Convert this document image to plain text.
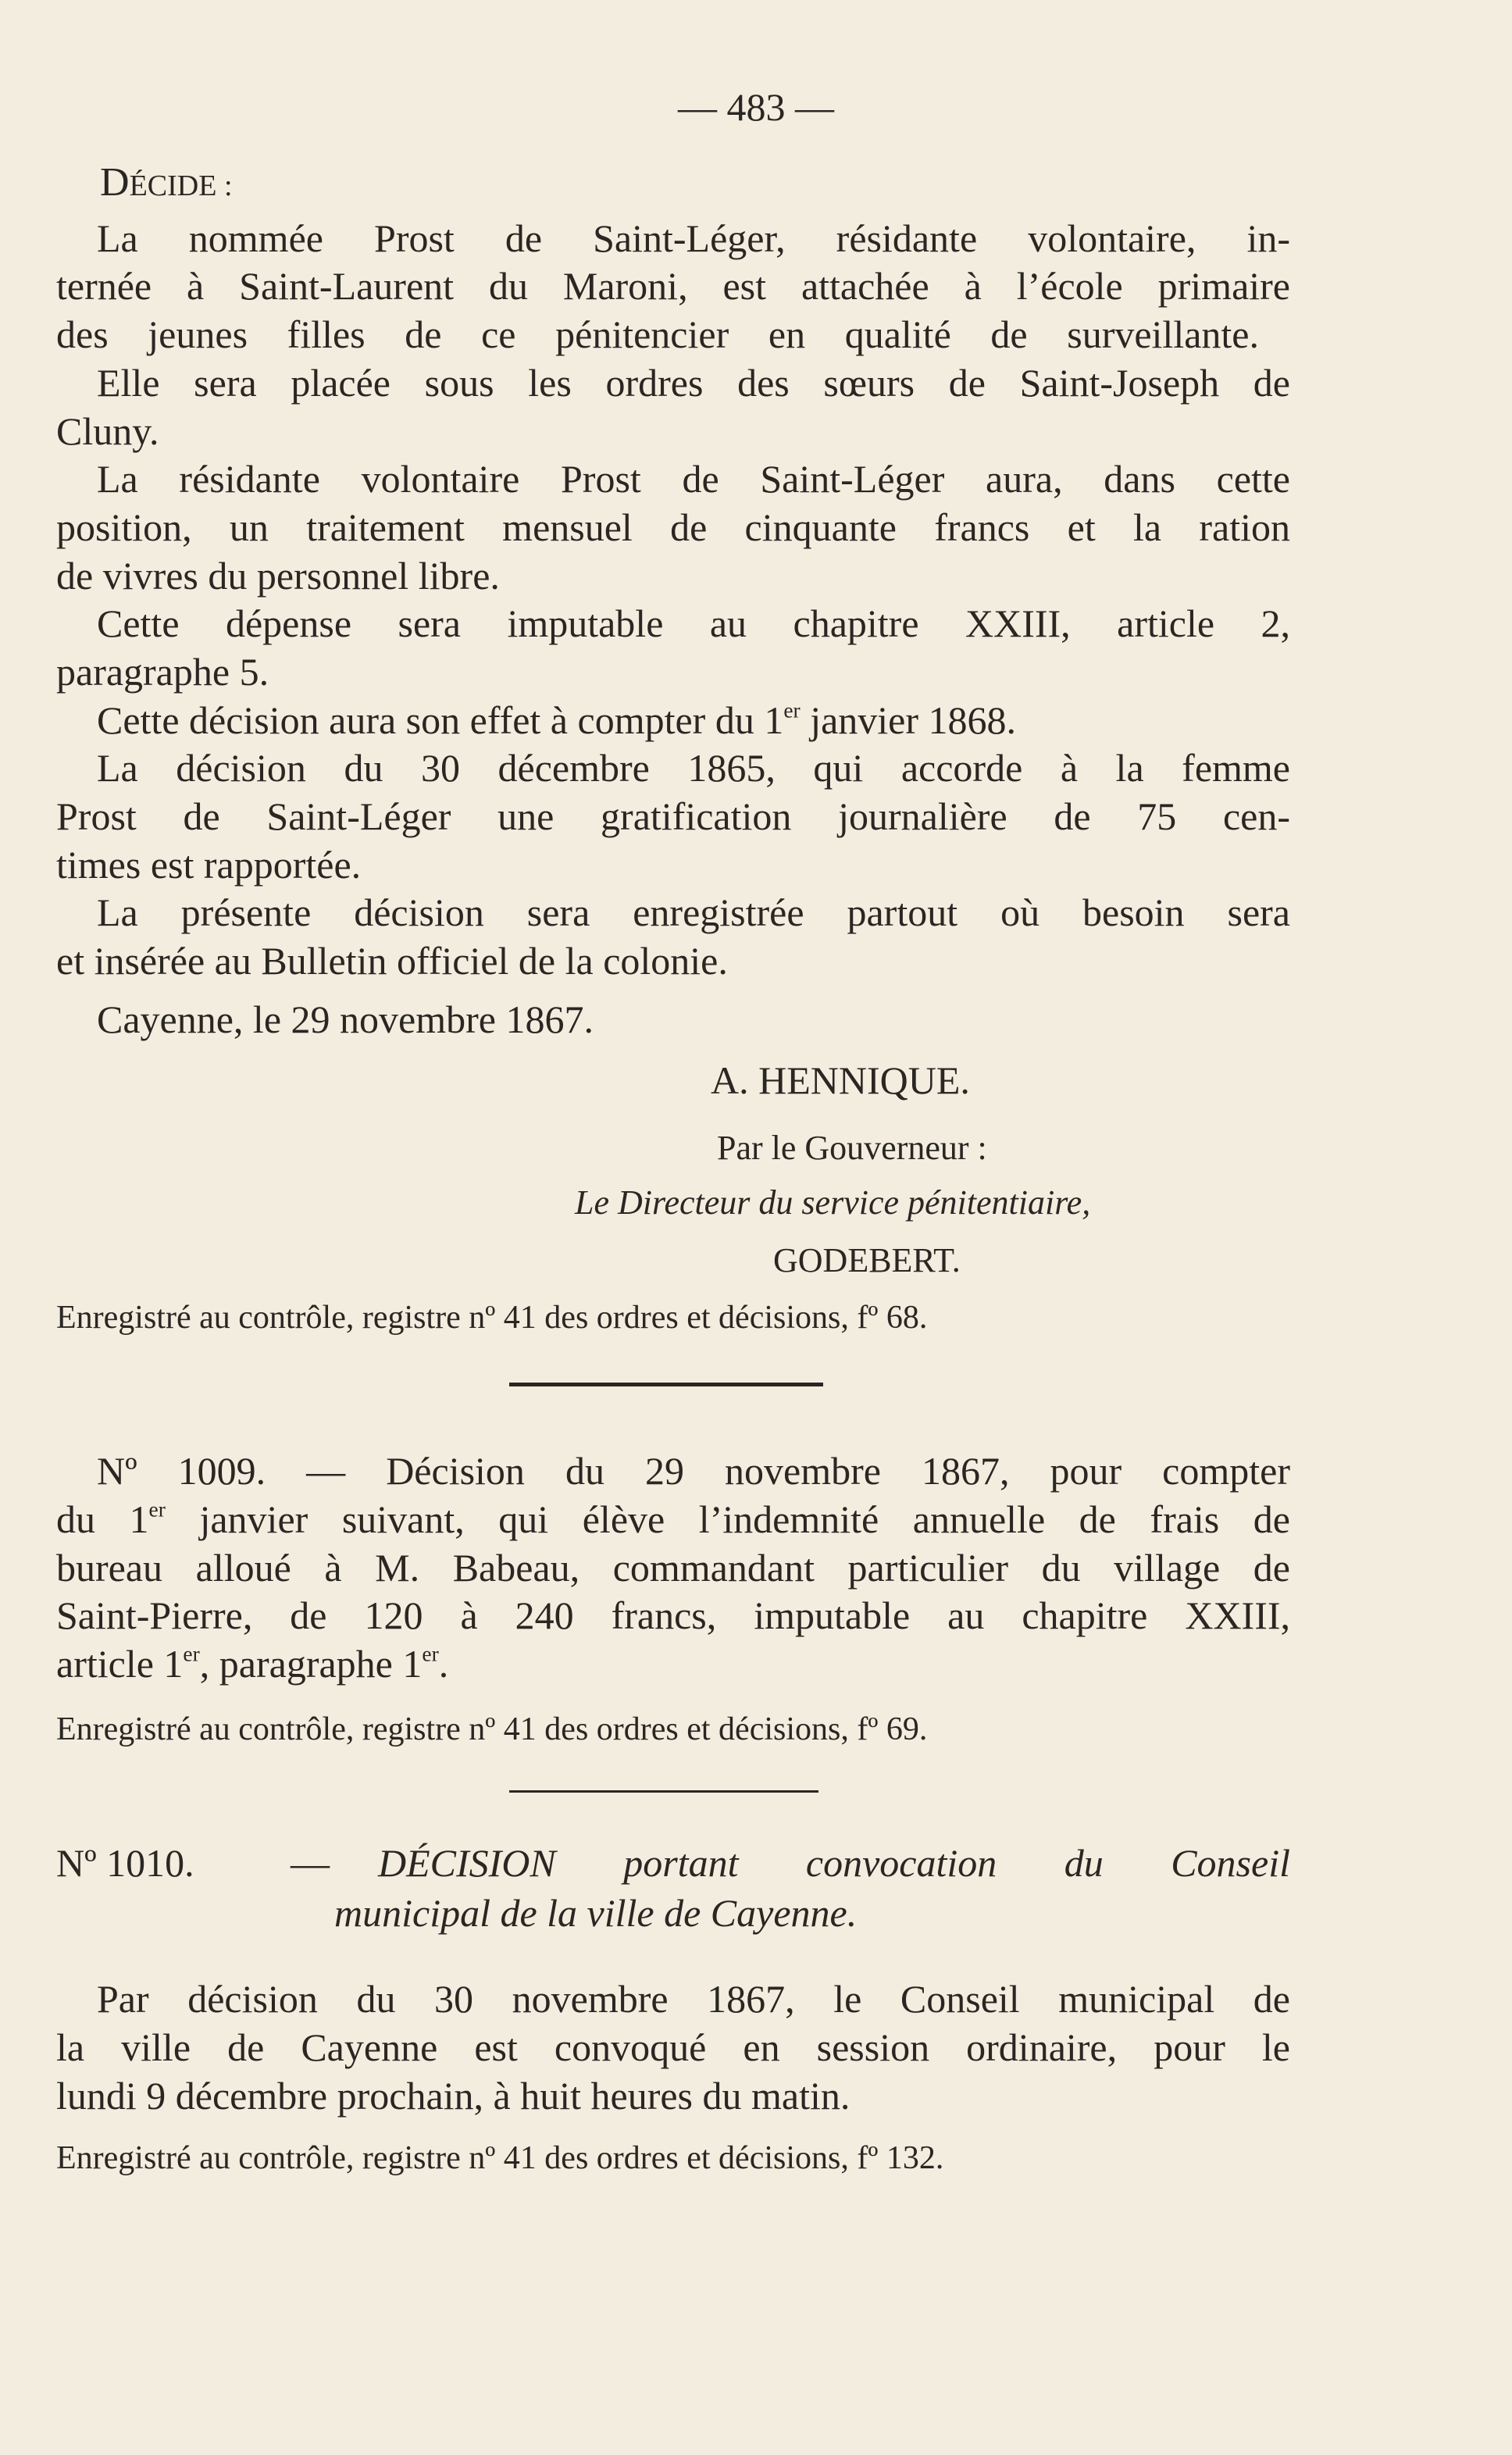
— 483 —
DÉCIDE :
La nommée Prost de Saint-Léger, résidante volontaire, in-
ternée à Saint-Laurent du Maroni, est attachée à l’école primaire
des jeunes filles de ce pénitencier en qualité de surveillante.
Elle sera placée sous les ordres des sœurs de Saint-Joseph de
Cluny.
La résidante volontaire Prost de Saint-Léger aura, dans cette
position, un traitement mensuel de cinquante francs et la ration
de vivres du personnel libre.
Cette dépense sera imputable au chapitre XXIII, article 2,
paragraphe 5.
Cette décision aura son effet à compter du 1er janvier 1868.
La décision du 30 décembre 1865, qui accorde à la femme
Prost de Saint-Léger une gratification journalière de 75 cen-
times est rapportée.
La présente décision sera enregistrée partout où besoin sera
et insérée au Bulletin officiel de la colonie.
Cayenne, le 29 novembre 1867.
A. HENNIQUE.
Par le Gouverneur :
Le Directeur du service pénitentiaire,
GODEBERT.
Enregistré au contrôle, registre nº 41 des ordres et décisions, fº 68.
Nº 1009. — Décision du 29 novembre 1867, pour compter
du 1er janvier suivant, qui élève l’indemnité annuelle de frais de
bureau alloué à M. Babeau, commandant particulier du village de
Saint-Pierre, de 120 à 240 francs, imputable au chapitre XXIII,
article 1er, paragraphe 1er.
Enregistré au contrôle, registre nº 41 des ordres et décisions, fº 69.
Nº 1010. — DÉCISION portant convocation du Conseil
municipal de la ville de Cayenne.
Par décision du 30 novembre 1867, le Conseil municipal de
la ville de Cayenne est convoqué en session ordinaire, pour le
lundi 9 décembre prochain, à huit heures du matin.
Enregistré au contrôle, registre nº 41 des ordres et décisions, fº 132.
